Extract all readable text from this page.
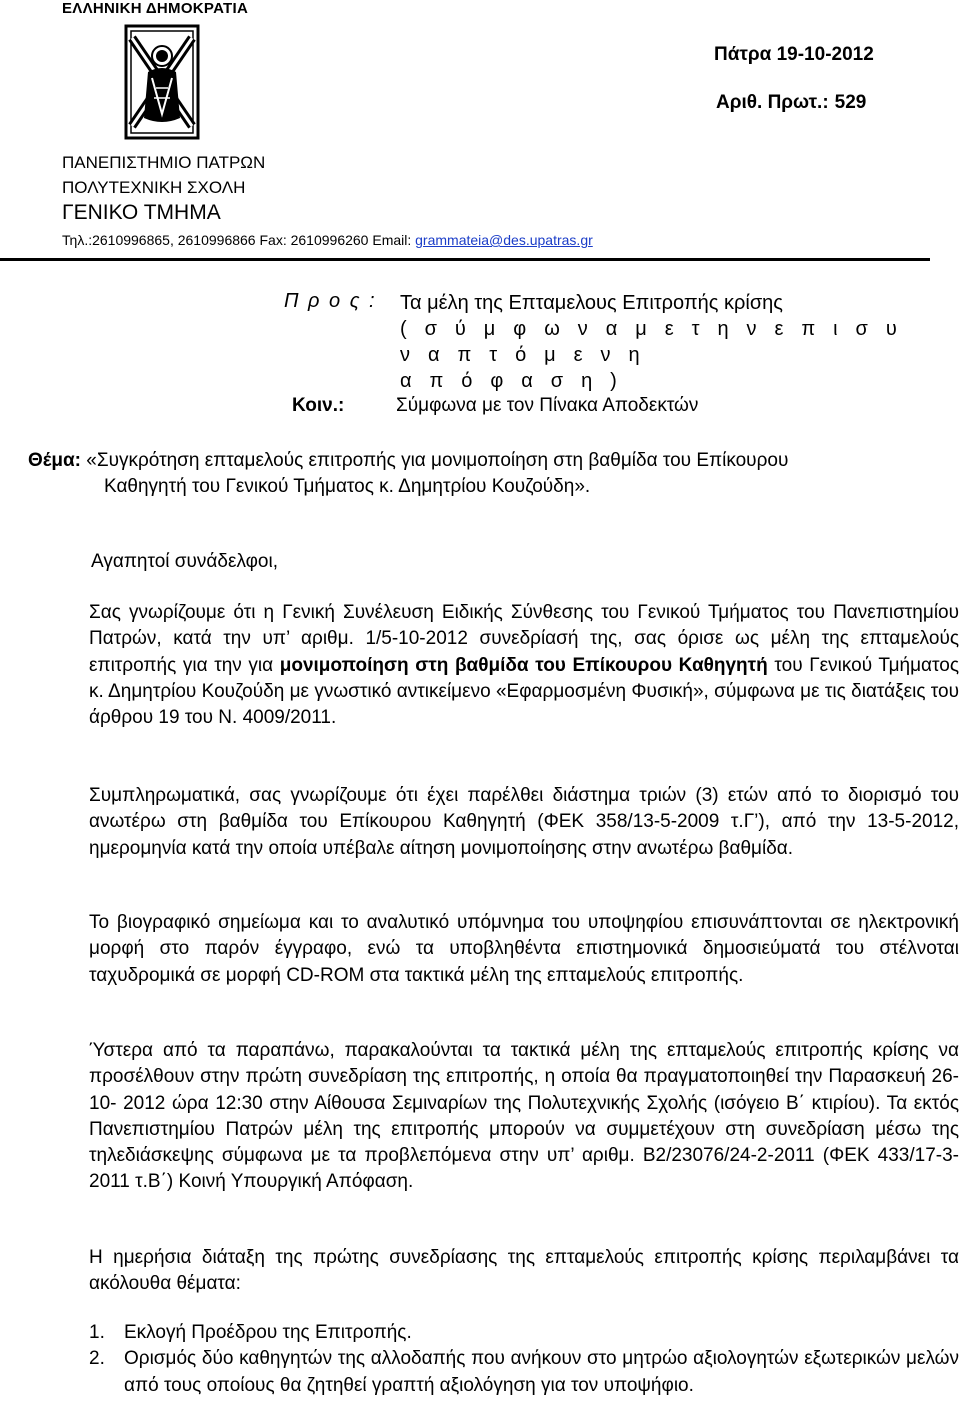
ΕΛΛΗΝΙΚΗ ΔΗΜΟΚΡΑΤΙΑ
Πάτρα 19-10-2012
Αριθ. Πρωτ.: 529
ΠΑΝΕΠΙΣΤΗΜΙΟ ΠΑΤΡΩΝ
ΠΟΛΥΤΕΧΝΙΚΗ ΣΧΟΛΗ
ΓΕΝΙΚΟ ΤΜΗΜΑ
Τηλ.:2610996865, 2610996866 Fax: 2610996260 Email: grammateia@des.upatras.gr
Π ρ ο ς : Τα μέλη της Επταμελους Επιτροπής κρίσης
( σ ύ μ φ ω ν α μ ε τ η ν ε π ι σ υ ν α π τ ό μ ε ν η
α π ό φ α σ η )
Κοιν.:	Σύμφωνα με τον Πίνακα Αποδεκτών
Θέμα: «Συγκρότηση επταμελούς επιτροπής για μονιμοποίηση στη βαθμίδα του Επίκουρου
Καθηγητή του Γενικού Τμήματος κ. Δημητρίου Κουζούδη».
Αγαπητοί συνάδελφοι,
Σας γνωρίζουμε ότι η Γενική Συνέλευση Ειδικής Σύνθεσης του Γενικού Τμήματος του Πανεπιστημίου Πατρών, κατά την υπ’ αριθμ. 1/5-10-2012 συνεδρίασή της, σας όρισε ως μέλη της επταμελούς επιτροπής για την για μονιμοποίηση στη βαθμίδα του Επίκουρου Καθηγητή του Γενικού Τμήματος κ. Δημητρίου Κουζούδη με γνωστικό αντικείμενο «Εφαρμοσμένη Φυσική», σύμφωνα με τις διατάξεις του άρθρου 19 του Ν. 4009/2011.
Συμπληρωματικά, σας γνωρίζουμε ότι έχει παρέλθει διάστημα τριών (3) ετών από το διορισμό του ανωτέρω στη βαθμίδα του Επίκουρου Καθηγητή (ΦΕΚ 358/13-5-2009 τ.Γ’), από την 13-5-2012, ημερομηνία κατά την οποία υπέβαλε αίτηση μονιμοποίησης στην ανωτέρω βαθμίδα.
Το βιογραφικό σημείωμα και το αναλυτικό υπόμνημα του υποψηφίου επισυνάπτονται σε ηλεκτρονική μορφή στο παρόν έγγραφο, ενώ τα υποβληθέντα επιστημονικά δημοσιεύματά του στέλνοται ταχυδρομικά σε μορφή CD-ROM στα τακτικά μέλη της επταμελούς επιτροπής.
Ύστερα από τα παραπάνω, παρακαλούνται τα τακτικά μέλη της επταμελούς επιτροπής κρίσης να προσέλθουν στην πρώτη συνεδρίαση της επιτροπής, η οποία θα πραγματοποιηθεί την Παρασκευή 26-10- 2012 ώρα 12:30 στην Αίθουσα Σεμιναρίων της Πολυτεχνικής Σχολής (ισόγειο Β΄ κτιρίου). Τα εκτός Πανεπιστημίου Πατρών μέλη της επιτροπής μπορούν να συμμετέχουν στη συνεδρίαση μέσω της τηλεδιάσκεψης σύμφωνα με τα προβλεπόμενα στην υπ’ αριθμ. Β2/23076/24-2-2011 (ΦΕΚ 433/17-3-2011 τ.Β΄) Κοινή Υπουργική Απόφαση.
Η ημερήσια διάταξη της πρώτης συνεδρίασης της επταμελούς επιτροπής κρίσης περιλαμβάνει τα ακόλουθα θέματα:
1. Εκλογή Προέδρου της Επιτροπής.
2. Ορισμός δύο καθηγητών της αλλοδαπής που ανήκουν στο μητρώο αξιολογητών εξωτερικών μελών από τους οποίους θα ζητηθεί γραπτή αξιολόγηση για τον υποψήφιο.
